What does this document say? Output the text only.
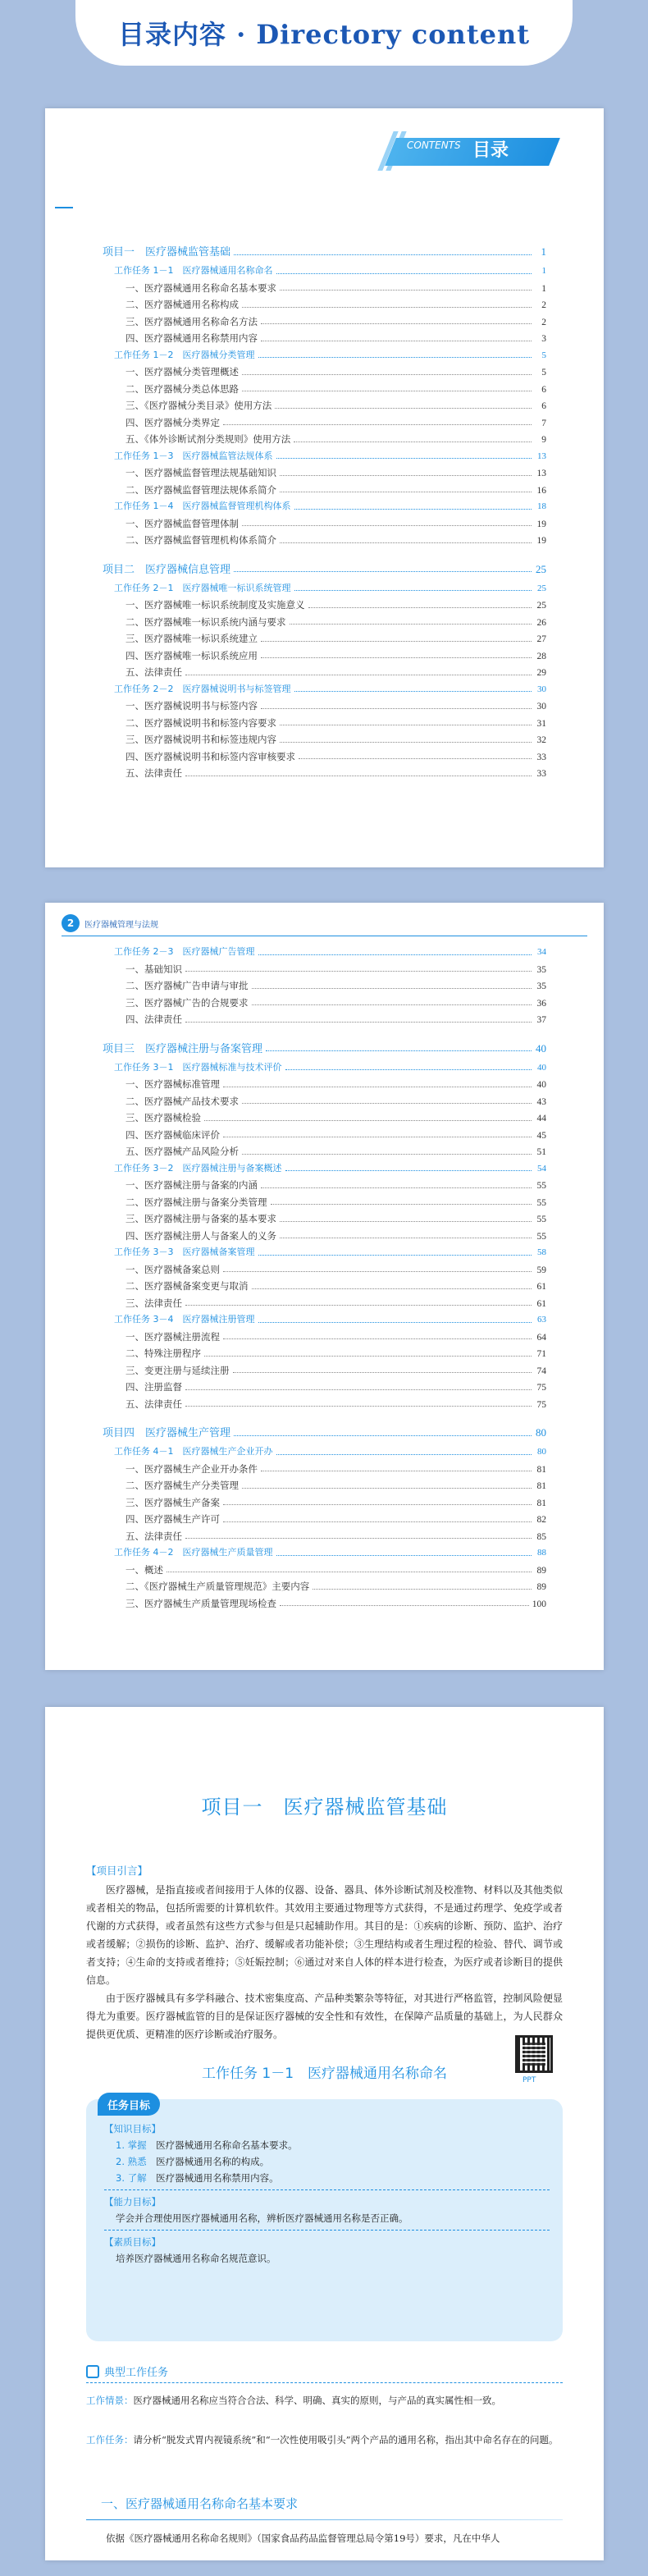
目录内容 · Directory content
CONTENTS 目录
项目一　医疗器械监管基础	1
工作任务 1－1　医疗器械通用名称命名	1
一、医疗器械通用名称命名基本要求	1
二、医疗器械通用名称构成	2
三、医疗器械通用名称命名方法	2
四、医疗器械通用名称禁用内容	3
工作任务 1－2　医疗器械分类管理	5
一、医疗器械分类管理概述	5
二、医疗器械分类总体思路	6
三、《医疗器械分类目录》使用方法	6
四、医疗器械分类界定	7
五、《体外诊断试剂分类规则》使用方法	9
工作任务 1－3　医疗器械监管法规体系	13
一、医疗器械监督管理法规基础知识	13
二、医疗器械监督管理法规体系简介	16
工作任务 1－4　医疗器械监督管理机构体系	18
一、医疗器械监督管理体制	19
二、医疗器械监督管理机构体系简介	19
项目二　医疗器械信息管理	25
工作任务 2－1　医疗器械唯一标识系统管理	25
一、医疗器械唯一标识系统制度及实施意义	25
二、医疗器械唯一标识系统内涵与要求	26
三、医疗器械唯一标识系统建立	27
四、医疗器械唯一标识系统应用	28
五、法律责任	29
工作任务 2－2　医疗器械说明书与标签管理	30
一、医疗器械说明书与标签内容	30
二、医疗器械说明书和标签内容要求	31
三、医疗器械说明书和标签违规内容	32
四、医疗器械说明书和标签内容审核要求	33
五、法律责任	33
2	医疗器械管理与法规
工作任务 2－3　医疗器械广告管理	34
一、基础知识	35
二、医疗器械广告申请与审批	35
三、医疗器械广告的合规要求	36
四、法律责任	37
项目三　医疗器械注册与备案管理	40
工作任务 3－1　医疗器械标准与技术评价	40
一、医疗器械标准管理	40
二、医疗器械产品技术要求	43
三、医疗器械检验	44
四、医疗器械临床评价	45
五、医疗器械产品风险分析	51
工作任务 3－2　医疗器械注册与备案概述	54
一、医疗器械注册与备案的内涵	55
二、医疗器械注册与备案分类管理	55
三、医疗器械注册与备案的基本要求	55
四、医疗器械注册人与备案人的义务	55
工作任务 3－3　医疗器械备案管理	58
一、医疗器械备案总则	59
二、医疗器械备案变更与取消	61
三、法律责任	61
工作任务 3－4　医疗器械注册管理	63
一、医疗器械注册流程	64
二、特殊注册程序	71
三、变更注册与延续注册	74
四、注册监督	75
五、法律责任	75
项目四　医疗器械生产管理	80
工作任务 4－1　医疗器械生产企业开办	80
一、医疗器械生产企业开办条件	81
二、医疗器械生产分类管理	81
三、医疗器械生产备案	81
四、医疗器械生产许可	82
五、法律责任	85
工作任务 4－2　医疗器械生产质量管理	88
一、概述	89
二、《医疗器械生产质量管理规范》主要内容	89
三、医疗器械生产质量管理现场检查	100
项目一　医疗器械监管基础
【项目引言】
医疗器械，是指直接或者间接用于人体的仪器、设备、器具、体外诊断试剂及校准物、材料以及其他类似或者相关的物品，包括所需要的计算机软件。其效用主要通过物理等方式获得，不是通过药理学、免疫学或者代谢的方式获得，或者虽然有这些方式参与但是只起辅助作用。其目的是：①疾病的诊断、预防、监护、治疗或者缓解；②损伤的诊断、监护、治疗、缓解或者功能补偿；③生理结构或者生理过程的检验、替代、调节或者支持；④生命的支持或者维持；⑤妊娠控制；⑥通过对来自人体的样本进行检查，为医疗或者诊断目的提供信息。
由于医疗器械具有多学科融合、技术密集度高、产品种类繁杂等特征，对其进行严格监管，控制风险便显得尤为重要。医疗器械监管的目的是保证医疗器械的安全性和有效性，在保障产品质量的基础上，为人民群众提供更优质、更精准的医疗诊断或治疗服务。
工作任务 1－1　医疗器械通用名称命名	PPT
任务目标
【知识目标】
1. 掌握　 医疗器械通用名称命名基本要求。
2. 熟悉　 医疗器械通用名称的构成。
3. 了解　 医疗器械通用名称禁用内容。
【能力目标】
学会并合理使用医疗器械通用名称，辨析医疗器械通用名称是否正确。
【素质目标】
培养医疗器械通用名称命名规范意识。
典型工作任务
工作情景：医疗器械通用名称应当符合合法、科学、明确、真实的原则，与产品的真实属性相一致。
工作任务：请分析“脱发式胃内视镜系统”和“一次性使用吸引头”两个产品的通用名称，指出其中命名存在的问题。
一、医疗器械通用名称命名基本要求
依据《医疗器械通用名称命名规则》（国家食品药品监督管理总局令第19号）要求，凡在中华人
